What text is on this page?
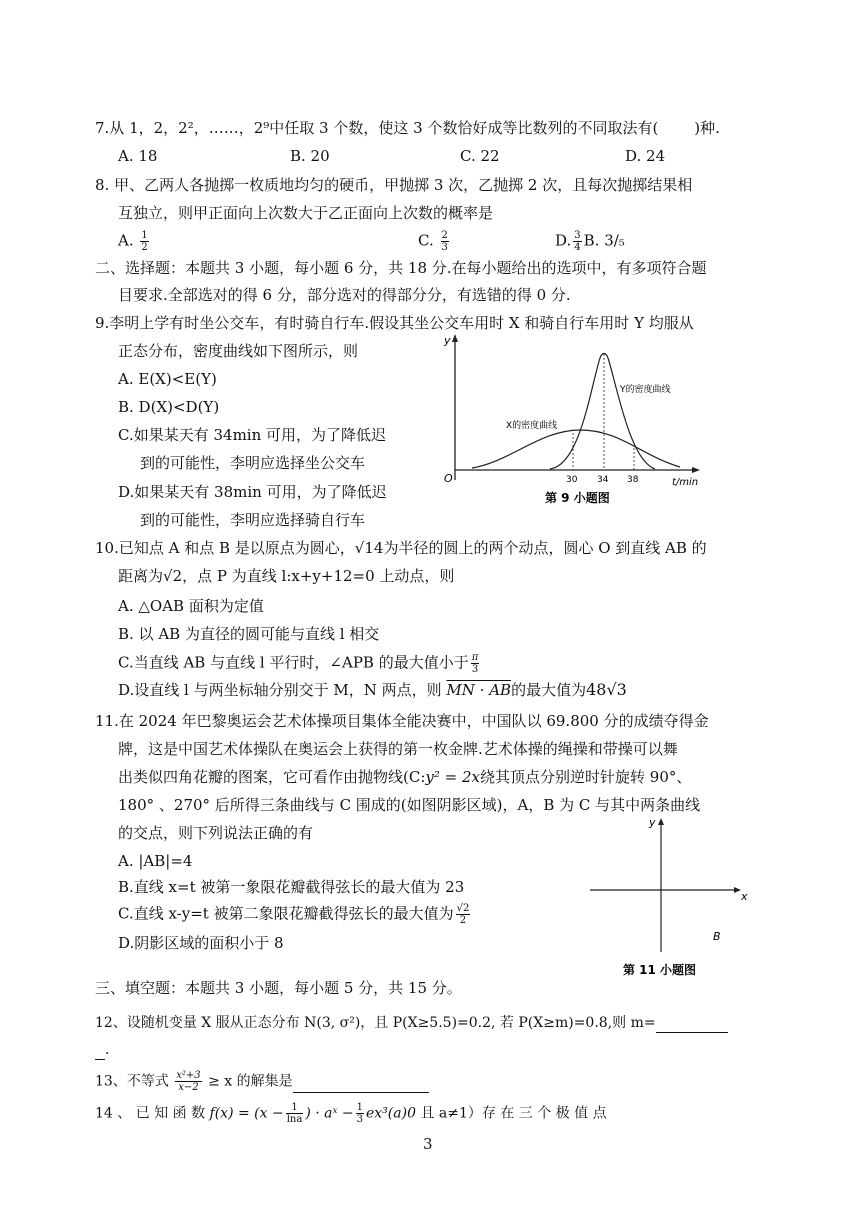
7.从 1，2，2²，……，2⁹中任取 3 个数，使这 3 个数恰好成等比数列的不同取法有( )种.
A. 18	B. 20	C. 22	D. 24
8. 甲、乙两人各抛掷一枚质地均匀的硬币，甲抛掷 3 次，乙抛掷 2 次，且每次抛掷结果相
互独立，则甲正面向上次数大于乙正面向上次数的概率是
A. $\frac{1}{2}$	C. $\frac{2}{3}$	D. $\frac{3}{4} B$. 3/₅
二、选择题：本题共 3 小题，每小题 6 分，共 18 分.在每小题给出的选项中，有多项符合题
目要求.全部选对的得 6 分，部分选对的得部分分，有选错的得 0 分.
9.李明上学有时坐公交车，有时骑自行车.假设其坐公交车用时 X 和骑自行车用时 Y 均服从
正态分布，密度曲线如下图所示，则
A. E(X)<E(Y)
B. D(X)<D(Y)
C.如果某天有 34min 可用，为了降低迟
到的可能性，李明应选择坐公交车
D.如果某天有 38min 可用，为了降低迟
到的可能性，李明应选择骑自行车
y
O	t/min
30 34 38
X的密度曲线
Y的密度曲线
第 9 小题图
10.已知点 A 和点 B 是以原点为圆心，√14为半径的圆上的两个动点，圆心 O 到直线 AB 的
距离为√2，点 P 为直线 l:x+y+12=0 上动点，则
A. △OAB 面积为定值
B. 以 AB 为直径的圆可能与直线 l 相交
C.当直线 AB 与直线 l 平行时，∠APB 的最大值小于 $\frac{\pi}{3}$
D.设直线 l 与两坐标轴分别交于 M，N 两点，则 MN · AB的最大值为48√3
11.在 2024 年巴黎奥运会艺术体操项目集体全能决赛中，中国队以 69.800 分的成绩夺得金
牌，这是中国艺术体操队在奥运会上获得的第一枚金牌.艺术体操的绳操和带操可以舞
出类似四角花瓣的图案，它可看作由抛物线(C:y² = 2x绕其顶点分别逆时针旋转 90°、
180° 、270° 后所得三条曲线与 C 围成的(如图阴影区域)，A，B 为 C 与其中两条曲线
的交点，则下列说法正确的有
A. |AB|=4
B.直线 x=t 被第一象限花瓣截得弦长的最大值为 23
C.直线 x-y=t 被第二象限花瓣截得弦长的最大值为 $\frac{√2}{2}$
D.阴影区域的面积小于 8
y
x
B
第 11 小题图
三、填空题：本题共 3 小题，每小题 5 分，共 15 分。
12、设随机变量 X 服从正态分布 N(3, σ²)，且 P(X≥5.5)=0.2, 若 P(X≥m)=0.8,则 m=
.
13、不等式 $\frac{\text{x²+3}}{x-2} \ge x$ 的解集是
14 、 已 知 函 数 $f(x) = (x - \frac{1}{\ln a}$ ) · aˣ − $\frac{1}{3} ex^3(a)0$ 且 a≠1）存 在 三 个 极 值 点
3
